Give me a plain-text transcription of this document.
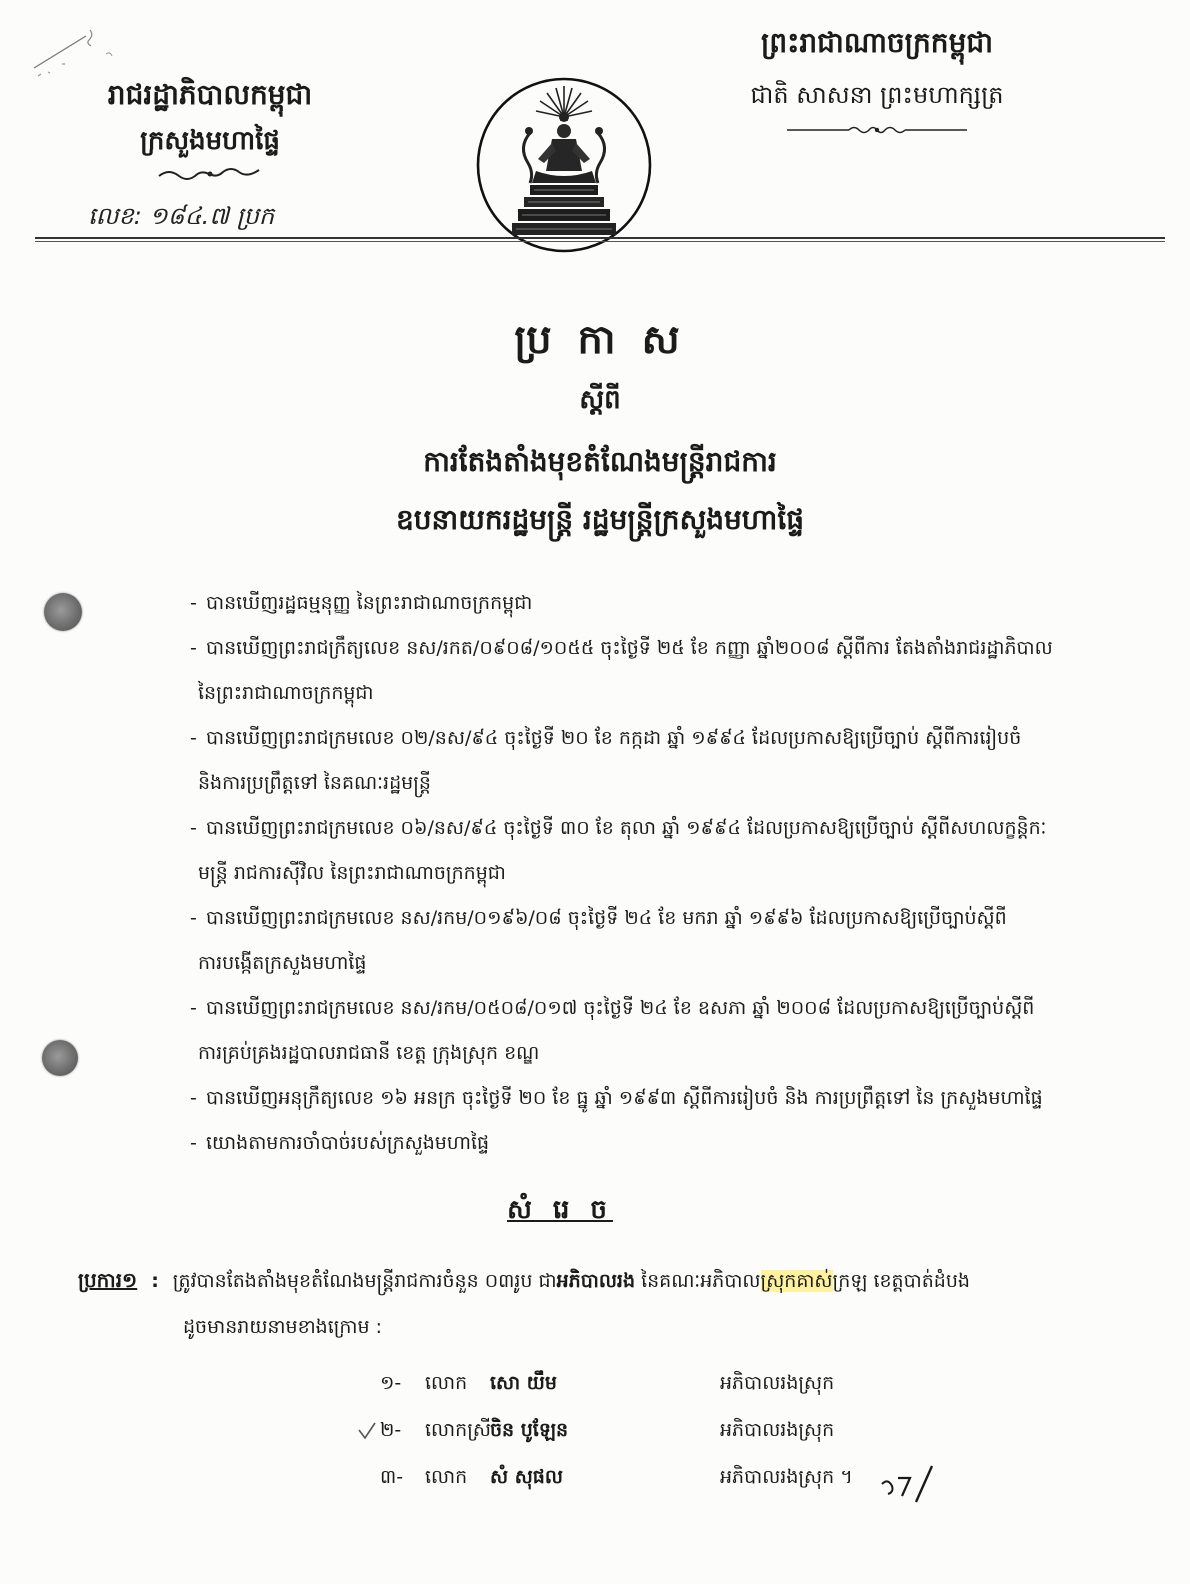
រាជរដ្ឋាភិបាលកម្ពុជា
ក្រសួងមហាផ្ទៃ
លេខ: ១៨៤.៧ ប្រក
ព្រះរាជាណាចក្រកម្ពុជា
ជាតិ សាសនា ព្រះមហាក្សត្រ
ប្រ កា ស
ស្តីពី
ការតែងតាំងមុខតំណែងមន្ត្រីរាជការ
ឧបនាយករដ្ឋមន្ត្រី រដ្ឋមន្ត្រីក្រសួងមហាផ្ទៃ
- បានឃើញរដ្ឋធម្មនុញ្ញ នៃព្រះរាជាណាចក្រកម្ពុជា
- បានឃើញព្រះរាជក្រឹត្យលេខ នស/រកត/០៩០៨/១០៥៥ ចុះថ្ងៃទី ២៥ ខែ កញ្ញា ឆ្នាំ២០០៨ ស្តីពីការ តែងតាំងរាជរដ្ឋាភិបាល
នៃព្រះរាជាណាចក្រកម្ពុជា
- បានឃើញព្រះរាជក្រមលេខ ០២/នស/៩៤ ចុះថ្ងៃទី ២០ ខែ កក្កដា ឆ្នាំ ១៩៩៤ ដែលប្រកាសឱ្យប្រើច្បាប់ ស្តីពីការរៀបចំ
និងការប្រព្រឹត្តទៅ នៃគណៈរដ្ឋមន្ត្រី
- បានឃើញព្រះរាជក្រមលេខ ០៦/នស/៩៤ ចុះថ្ងៃទី ៣០ ខែ តុលា ឆ្នាំ ១៩៩៤ ដែលប្រកាសឱ្យប្រើច្បាប់ ស្តីពីសហលក្ខន្តិកៈ
មន្ត្រី រាជការស៊ីវិល នៃព្រះរាជាណាចក្រកម្ពុជា
- បានឃើញព្រះរាជក្រមលេខ នស/រកម/០១៩៦/០៨ ចុះថ្ងៃទី ២៤ ខែ មករា ឆ្នាំ ១៩៩៦ ដែលប្រកាសឱ្យប្រើច្បាប់ស្តីពី
ការបង្កើតក្រសួងមហាផ្ទៃ
- បានឃើញព្រះរាជក្រមលេខ នស/រកម/០៥០៨/០១៧ ចុះថ្ងៃទី ២៤ ខែ ឧសភា ឆ្នាំ ២០០៨ ដែលប្រកាសឱ្យប្រើច្បាប់ស្តីពី
ការគ្រប់គ្រងរដ្ឋបាលរាជធានី ខេត្ត ក្រុងស្រុក ខណ្ឌ
- បានឃើញអនុក្រឹត្យលេខ ១៦ អនក្រ ចុះថ្ងៃទី ២០ ខែ ធ្នូ ឆ្នាំ ១៩៩៣ ស្តីពីការរៀបចំ និង ការប្រព្រឹត្តទៅ នៃ ក្រសួងមហាផ្ទៃ
- យោងតាមការចាំបាច់របស់ក្រសួងមហាផ្ទៃ
សំ រេ ច
ប្រការ១ : ត្រូវបានតែងតាំងមុខតំណែងមន្ត្រីរាជការចំនួន ០៣រូប ជាអភិបាលរង នៃគណៈអភិបាលស្រុកគាស់ក្រឡ ខេត្តបាត់ដំបង
ដូចមានរាយនាមខាងក្រោម :
១- លោក សោ យឹម	អភិបាលរងស្រុក
២- លោកស្រី ចិន បូឡែន	អភិបាលរងស្រុក
៣- លោក សំ សុផល	អភិបាលរងស្រុក ។
